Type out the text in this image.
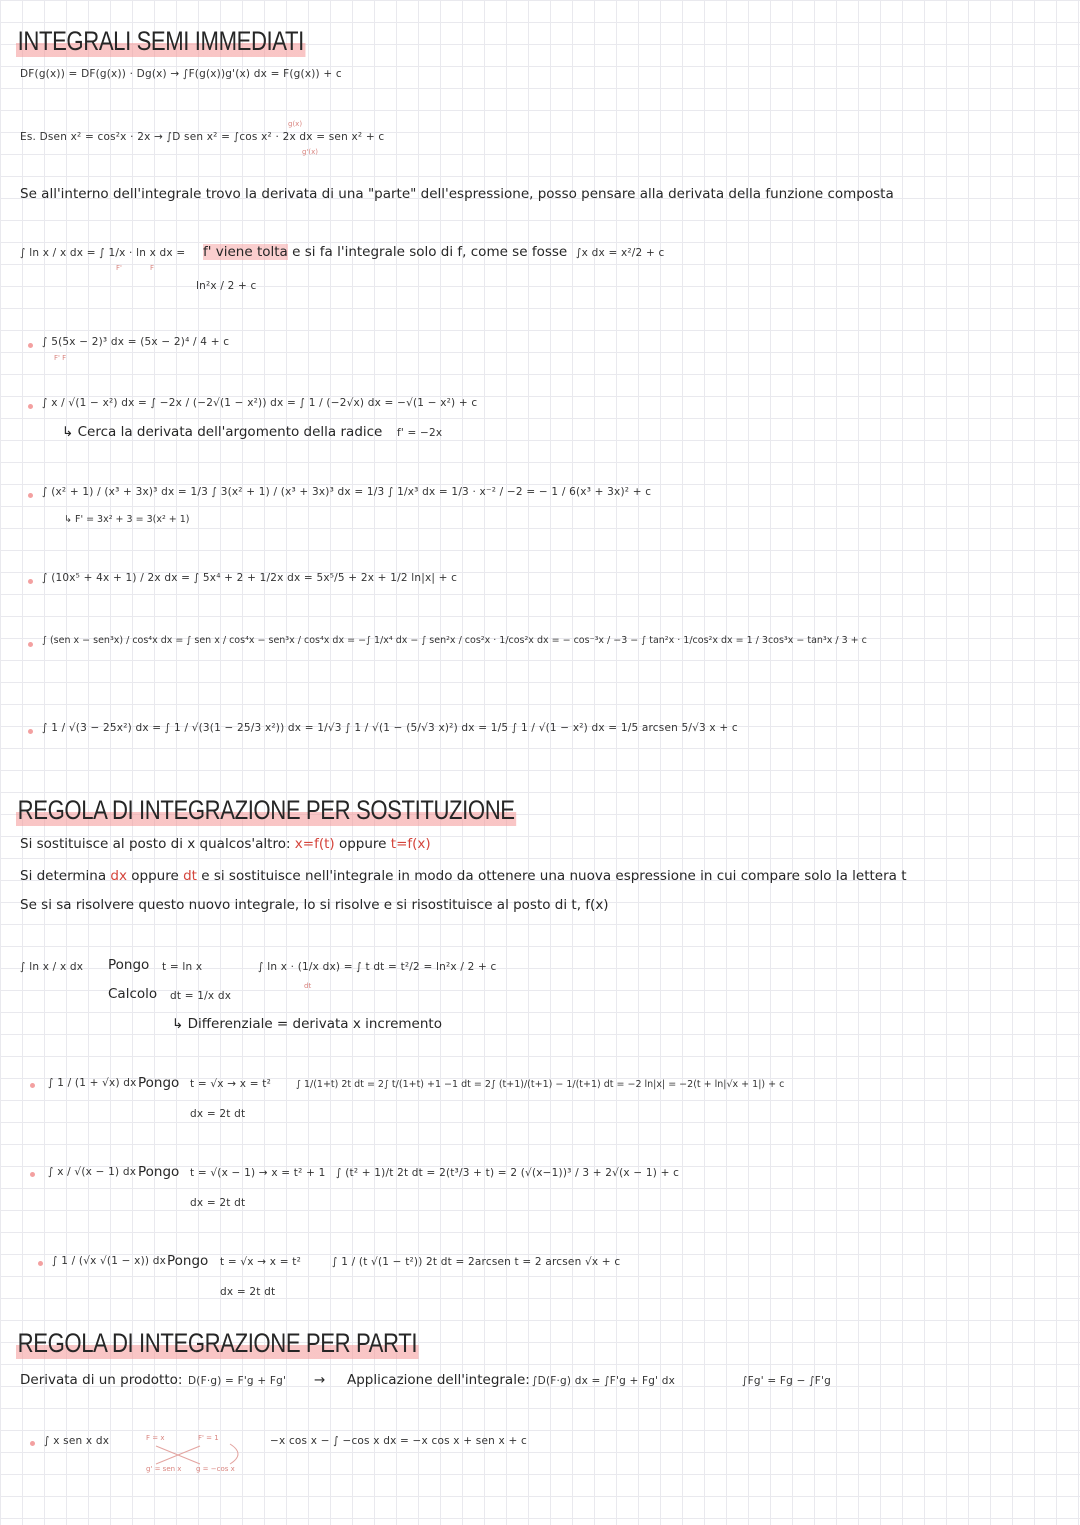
INTEGRALI SEMI IMMEDIATI
DF(g(x)) = DF(g(x)) · Dg(x) → ∫F(g(x))g'(x) dx = F(g(x)) + c
Es. Dsen x² = cos²x · 2x → ∫D sen x² = ∫cos x² · 2x dx = sen x² + c
g(x)
g'(x)
Se all'interno dell'integrale trovo la derivata di una "parte" dell'espressione, posso pensare alla derivata della funzione composta
∫ ln x / x dx = ∫ 1/x · ln x dx =
F'	F
f' viene tolta e si fa l'integrale solo di f, come se fosse ∫x dx = x²/2 + c
ln²x / 2 + c
∫ 5(5x − 2)³ dx = (5x − 2)⁴ / 4 + c
F' F
∫ x / √(1 − x²) dx = ∫ −2x / (−2√(1 − x²)) dx = ∫ 1 / (−2√x) dx = −√(1 − x²) + c
↳ Cerca la derivata dell'argomento della radice f' = −2x
∫ (x² + 1) / (x³ + 3x)³ dx = 1/3 ∫ 3(x² + 1) / (x³ + 3x)³ dx = 1/3 ∫ 1/x³ dx = 1/3 · x⁻² / −2 = − 1 / 6(x³ + 3x)² + c
↳ F' = 3x² + 3 = 3(x² + 1)
∫ (10x⁵ + 4x + 1) / 2x dx = ∫ 5x⁴ + 2 + 1/2x dx = 5x⁵/5 + 2x + 1/2 ln|x| + c
∫ (sen x − sen³x) / cos⁴x dx = ∫ sen x / cos⁴x − sen³x / cos⁴x dx = −∫ 1/x⁴ dx − ∫ sen²x / cos²x · 1/cos²x dx = − cos⁻³x / −3 − ∫ tan²x · 1/cos²x dx = 1 / 3cos³x − tan³x / 3 + c
∫ 1 / √(3 − 25x²) dx = ∫ 1 / √(3(1 − 25/3 x²)) dx = 1/√3 ∫ 1 / √(1 − (5/√3 x)²) dx = 1/5 ∫ 1 / √(1 − x²) dx = 1/5 arcsen 5/√3 x + c
REGOLA DI INTEGRAZIONE PER SOSTITUZIONE
Si sostituisce al posto di x qualcos'altro: x=f(t) oppure t=f(x)
Si determina dx oppure dt e si sostituisce nell'integrale in modo da ottenere una nuova espressione in cui compare solo la lettera t
Se si sa risolvere questo nuovo integrale, lo si risolve e si risostituisce al posto di t, f(x)
∫ ln x / x dx Pongo t = ln x
Calcolo dt = 1/x dx
∫ ln x · (1/x dx) = ∫ t dt = t²/2 = ln²x / 2 + c
dt
↳ Differenziale = derivata x incremento
∫ 1 / (1 + √x) dx Pongo t = √x → x = t²
dx = 2t dt
∫ 1/(1+t) 2t dt = 2∫ t/(1+t) +1 −1 dt = 2∫ (t+1)/(t+1) − 1/(t+1) dt = −2 ln|x| = −2(t + ln|√x + 1|) + c
∫ x / √(x − 1) dx Pongo t = √(x − 1) → x = t² + 1
dx = 2t dt
∫ (t² + 1)/t 2t dt = 2(t³/3 + t) = 2 (√(x−1))³ / 3 + 2√(x − 1) + c
∫ 1 / (√x √(1 − x)) dx Pongo t = √x → x = t²
dx = 2t dt
∫ 1 / (t √(1 − t²)) 2t dt = 2arcsen t = 2 arcsen √x + c
REGOLA DI INTEGRAZIONE PER PARTI
Derivata di un prodotto: D(F·g) = F'g + Fg' → Applicazione dell'integrale: ∫D(F·g) dx = ∫F'g + Fg' dx	∫Fg' = Fg − ∫F'g
∫ x sen x dx	F = x	F' = 1
g' = sen x g = −cos x
−x cos x − ∫ −cos x dx = −x cos x + sen x + c
